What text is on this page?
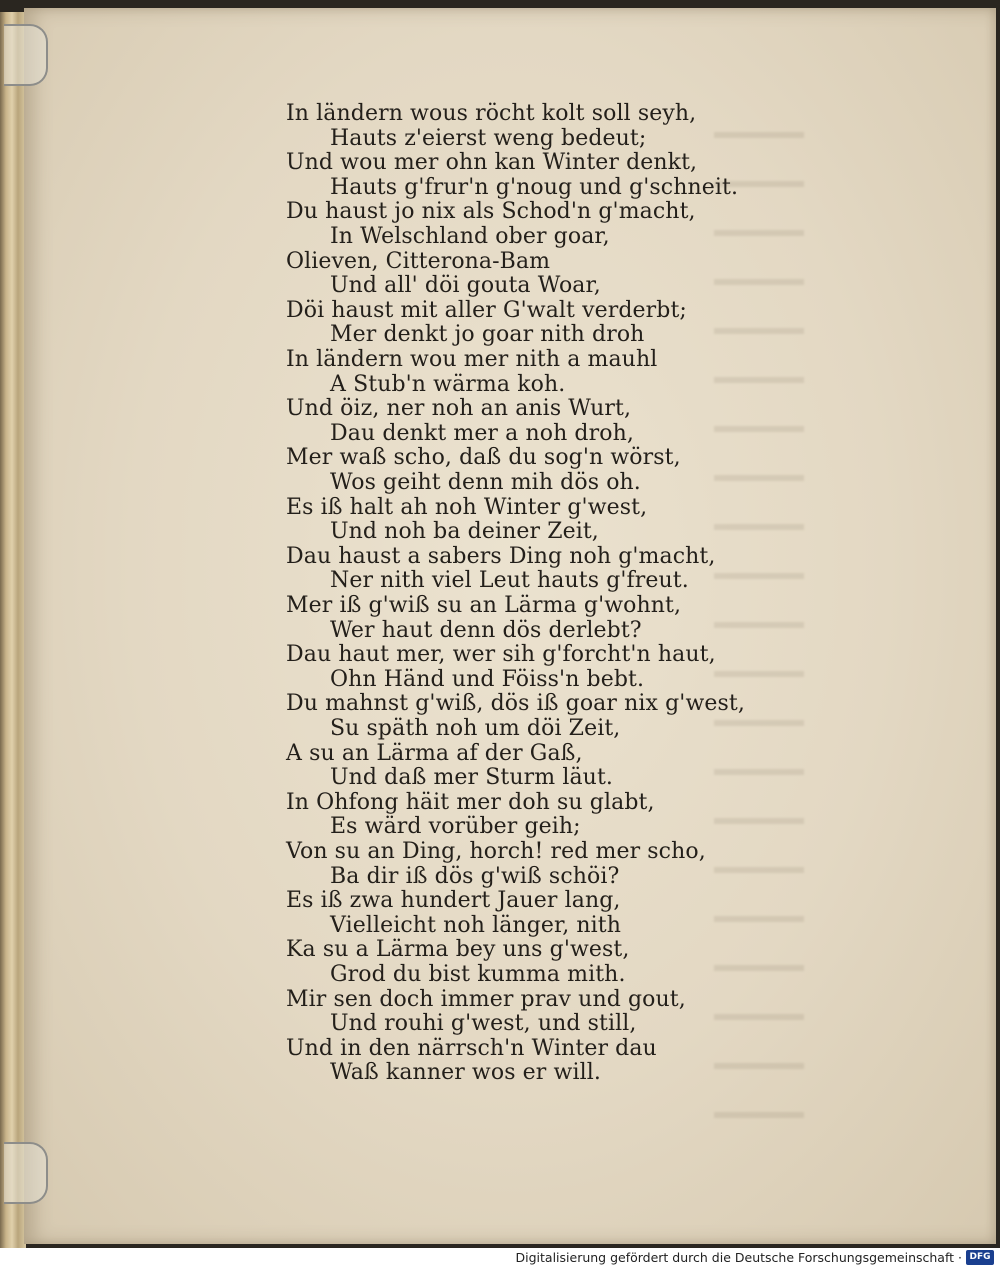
In ländern wous röcht kolt soll seyh,
Hauts z'eierst weng bedeut;
Und wou mer ohn kan Winter denkt,
Hauts g'frur'n g'noug und g'schneit.
Du haust jo nix als Schod'n g'macht,
In Welschland ober goar,
Olieven, Citterona-Bam
Und all' döi gouta Woar,
Döi haust mit aller G'walt verderbt;
Mer denkt jo goar nith droh
In ländern wou mer nith a mauhl
A Stub'n wärma koh.
Und öiz, ner noh an anis Wurt,
Dau denkt mer a noh droh,
Mer waß scho, daß du sog'n wörst,
Wos geiht denn mih dös oh.
Es iß halt ah noh Winter g'west,
Und noh ba deiner Zeit,
Dau haust a sabers Ding noh g'macht,
Ner nith viel Leut hauts g'freut.
Mer iß g'wiß su an Lärma g'wohnt,
Wer haut denn dös derlebt?
Dau haut mer, wer sih g'forcht'n haut,
Ohn Händ und Föiss'n bebt.
Du mahnst g'wiß, dös iß goar nix g'west,
Su späth noh um döi Zeit,
A su an Lärma af der Gaß,
Und daß mer Sturm läut.
In Ohfong häit mer doh su glabt,
Es wärd vorüber geih;
Von su an Ding, horch! red mer scho,
Ba dir iß dös g'wiß schöi?
Es iß zwa hundert Jauer lang,
Vielleicht noh länger, nith
Ka su a Lärma bey uns g'west,
Grod du bist kumma mith.
Mir sen doch immer prav und gout,
Und rouhi g'west, und still,
Und in den närrsch'n Winter dau
Waß kanner wos er will.
Digitalisierung gefördert durch die Deutsche Forschungsgemeinschaft · DFG
